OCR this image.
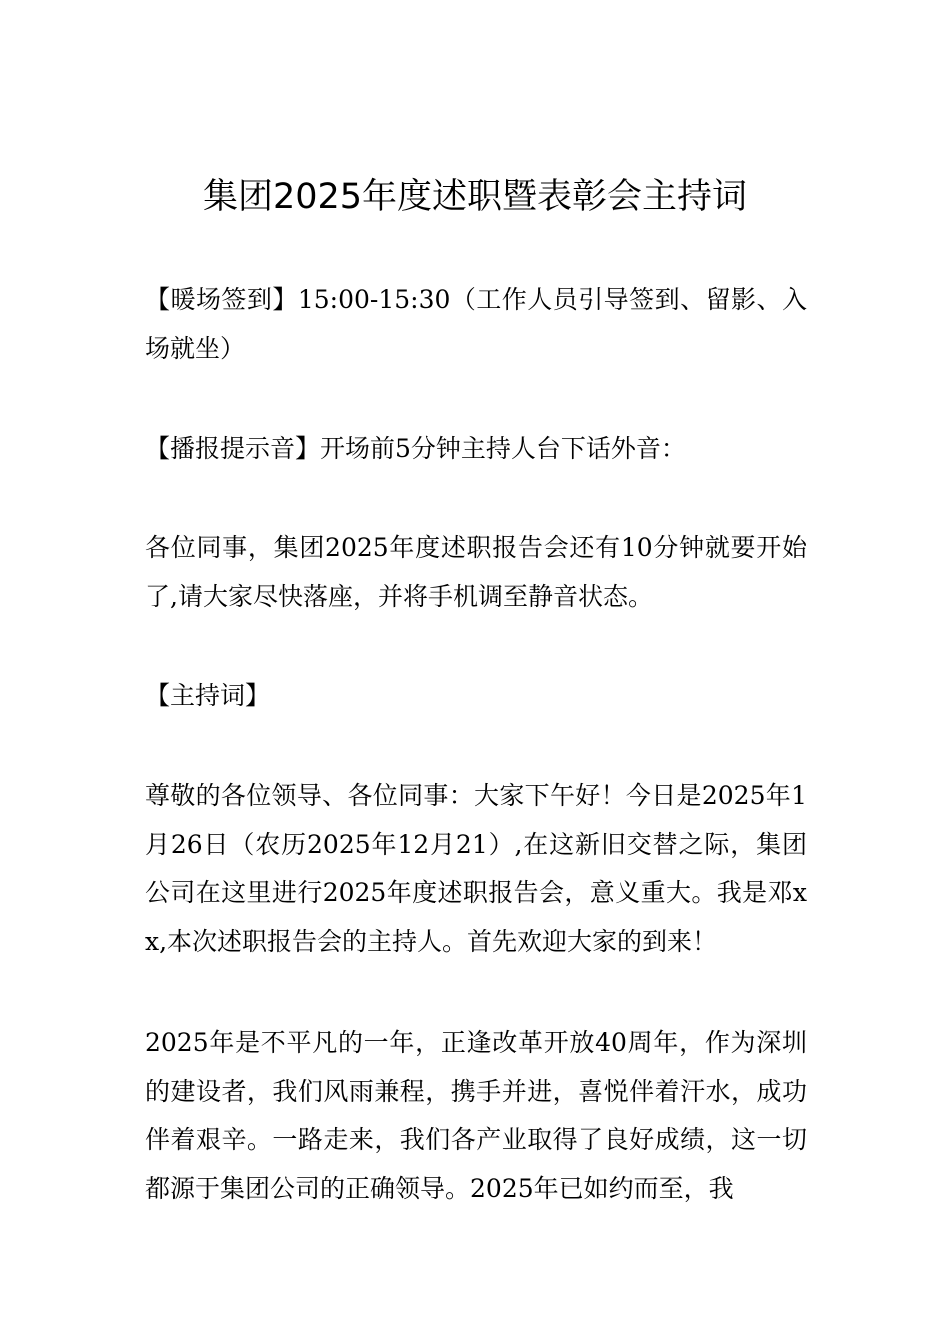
集团2025年度述职暨表彰会主持词

【暖场签到】15:00-15:30（工作人员引导签到、留影、入场就坐）

【播报提示音】开场前5分钟主持人台下话外音：

各位同事，集团2025年度述职报告会还有10分钟就要开始了,请大家尽快落座，并将手机调至静音状态。

【主持词】

尊敬的各位领导、各位同事：大家下午好！今日是2025年1月26日（农历2025年12月21）,在这新旧交替之际，集团公司在这里进行2025年度述职报告会，意义重大。我是邓xx,本次述职报告会的主持人。首先欢迎大家的到来！

2025年是不平凡的一年，正逢改革开放40周年，作为深圳的建设者，我们风雨兼程，携手并进，喜悦伴着汗水，成功伴着艰辛。一路走来，我们各产业取得了良好成绩，这一切都源于集团公司的正确领导。2025年已如约而至，我
